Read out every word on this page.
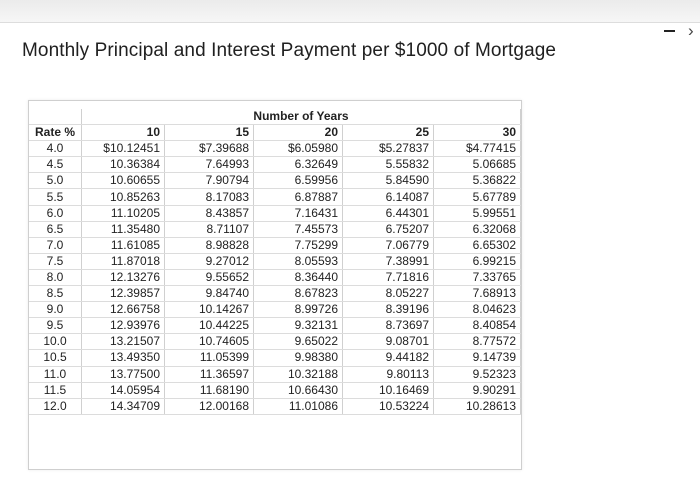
Monthly Principal and Interest Payment per $1000 of Mortgage
›
	Number of Years				
Rate %	10	15	20	25	30
4.0	$10.12451	$7.39688	$6.05980	$5.27837	$4.77415
4.5	10.36384	7.64993	6.32649	5.55832	5.06685
5.0	10.60655	7.90794	6.59956	5.84590	5.36822
5.5	10.85263	8.17083	6.87887	6.14087	5.67789
6.0	11.10205	8.43857	7.16431	6.44301	5.99551
6.5	11.35480	8.71107	7.45573	6.75207	6.32068
7.0	11.61085	8.98828	7.75299	7.06779	6.65302
7.5	11.87018	9.27012	8.05593	7.38991	6.99215
8.0	12.13276	9.55652	8.36440	7.71816	7.33765
8.5	12.39857	9.84740	8.67823	8.05227	7.68913
9.0	12.66758	10.14267	8.99726	8.39196	8.04623
9.5	12.93976	10.44225	9.32131	8.73697	8.40854
10.0	13.21507	10.74605	9.65022	9.08701	8.77572
10.5	13.49350	11.05399	9.98380	9.44182	9.14739
11.0	13.77500	11.36597	10.32188	9.80113	9.52323
11.5	14.05954	11.68190	10.66430	10.16469	9.90291
12.0	14.34709	12.00168	11.01086	10.53224	10.28613
